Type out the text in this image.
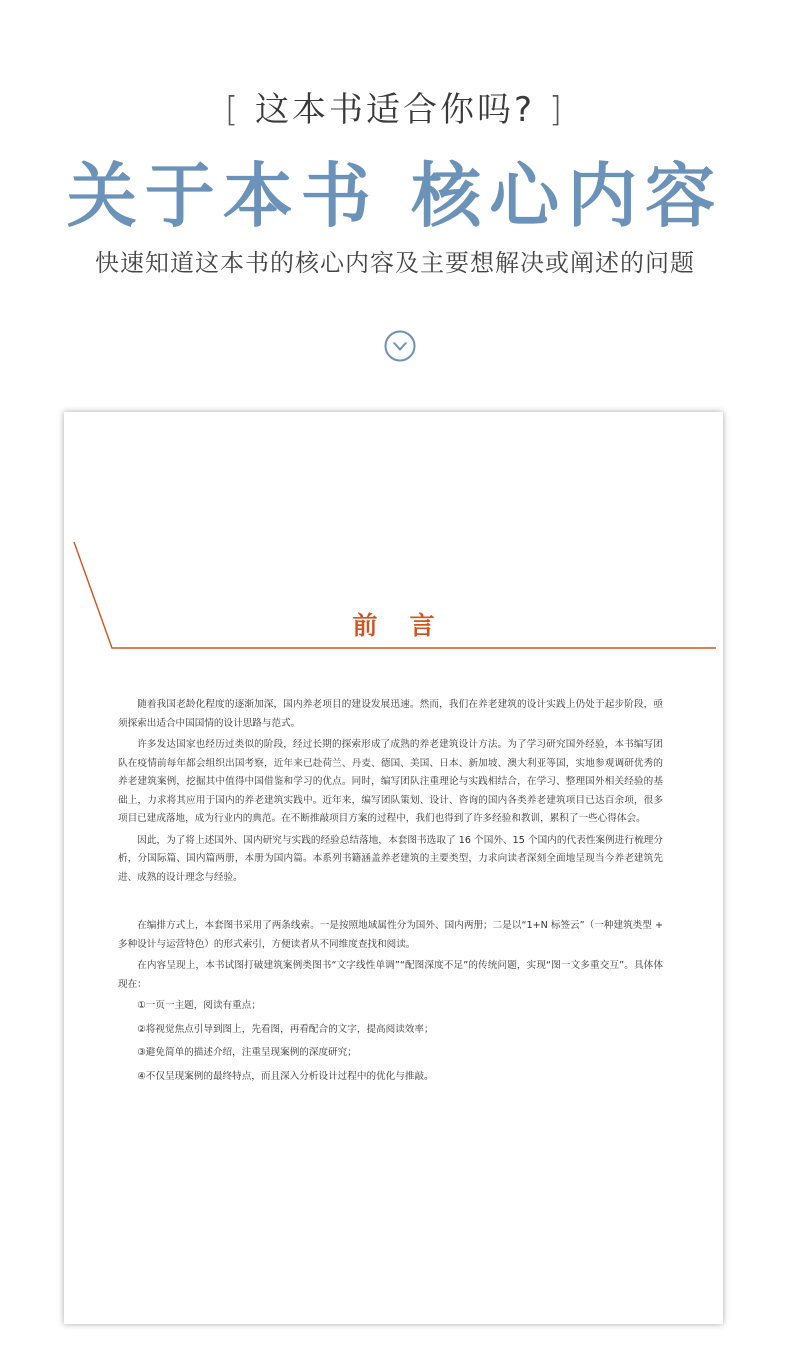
[ 这本书适合你吗? ]
关于本书 核心内容
快速知道这本书的核心内容及主要想解决或阐述的问题
前言

随着我国老龄化程度的逐渐加深，国内养老项目的建设发展迅速。然而，我们在养老建筑的设计实践上仍处于起步阶段，亟须探索出适合中国国情的设计思路与范式。

许多发达国家也经历过类似的阶段，经过长期的探索形成了成熟的养老建筑设计方法。为了学习研究国外经验，本书编写团队在疫情前每年都会组织出国考察，近年来已赴荷兰、丹麦、德国、美国、日本、新加坡、澳大利亚等国，实地参观调研优秀的养老建筑案例，挖掘其中值得中国借鉴和学习的优点。同时，编写团队注重理论与实践相结合，在学习、整理国外相关经验的基础上，力求将其应用于国内的养老建筑实践中。近年来，编写团队策划、设计、咨询的国内各类养老建筑项目已达百余项，很多项目已建成落地，成为行业内的典范。在不断推敲项目方案的过程中，我们也得到了许多经验和教训，累积了一些心得体会。

因此，为了将上述国外、国内研究与实践的经验总结落地，本套图书选取了 16 个国外、15 个国内的代表性案例进行梳理分析，分国际篇、国内篇两册，本册为国内篇。本系列书籍涵盖养老建筑的主要类型，力求向读者深刻全面地呈现当今养老建筑先进、成熟的设计理念与经验。

在编排方式上，本套图书采用了两条线索。一是按照地域属性分为国外、国内两册；二是以“1+N 标签云”（一种建筑类型 + 多种设计与运营特色）的形式索引，方便读者从不同维度查找和阅读。

在内容呈现上，本书试图打破建筑案例类图书“文字线性单调”“配图深度不足”的传统问题，实现“图一文多重交互”。具体体现在：

①一页一主题，阅读有重点；

②将视觉焦点引导到图上，先看图，再看配合的文字，提高阅读效率；

③避免简单的描述介绍，注重呈现案例的深度研究；

④不仅呈现案例的最终特点，而且深入分析设计过程中的优化与推敲。
